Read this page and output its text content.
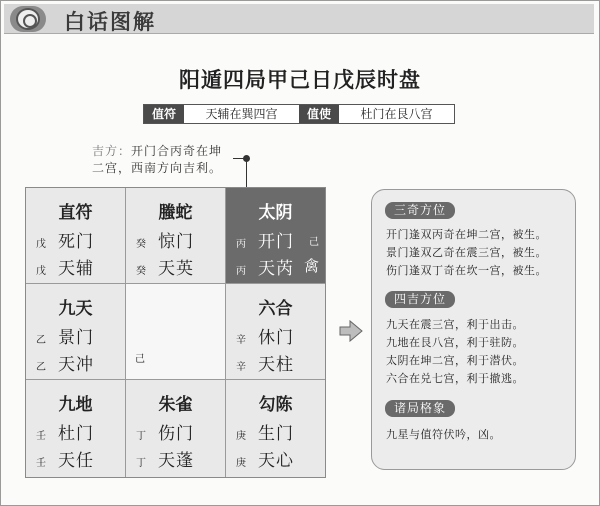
白话图解
阳遁四局甲己日戊辰时盘
值符	天辅在巽四宫	值使	杜门在艮八宫
吉方：开门合丙奇在坤
二宫，西南方向吉利。
直符
戊 死门
戊 天辅
螣蛇
癸 惊门
癸 天英
太阴
丙 开门 己
丙 天芮 禽
九天
乙 景门
乙 天冲	己
六合
辛 休门
辛 天柱
九地
壬 杜门
壬 天任
朱雀
丁 伤门
丁 天蓬
勾陈
庚 生门
庚 天心
三奇方位
开门逢双丙奇在坤二宫，被生。
景门逢双乙奇在震三宫，被生。
伤门逢双丁奇在坎一宫，被生。
四吉方位
九天在震三宫，利于出击。
九地在艮八宫，利于驻防。
太阴在坤二宫，利于潜伏。
六合在兑七宫，利于撤逃。
诸局格象
九星与值符伏吟，凶。
